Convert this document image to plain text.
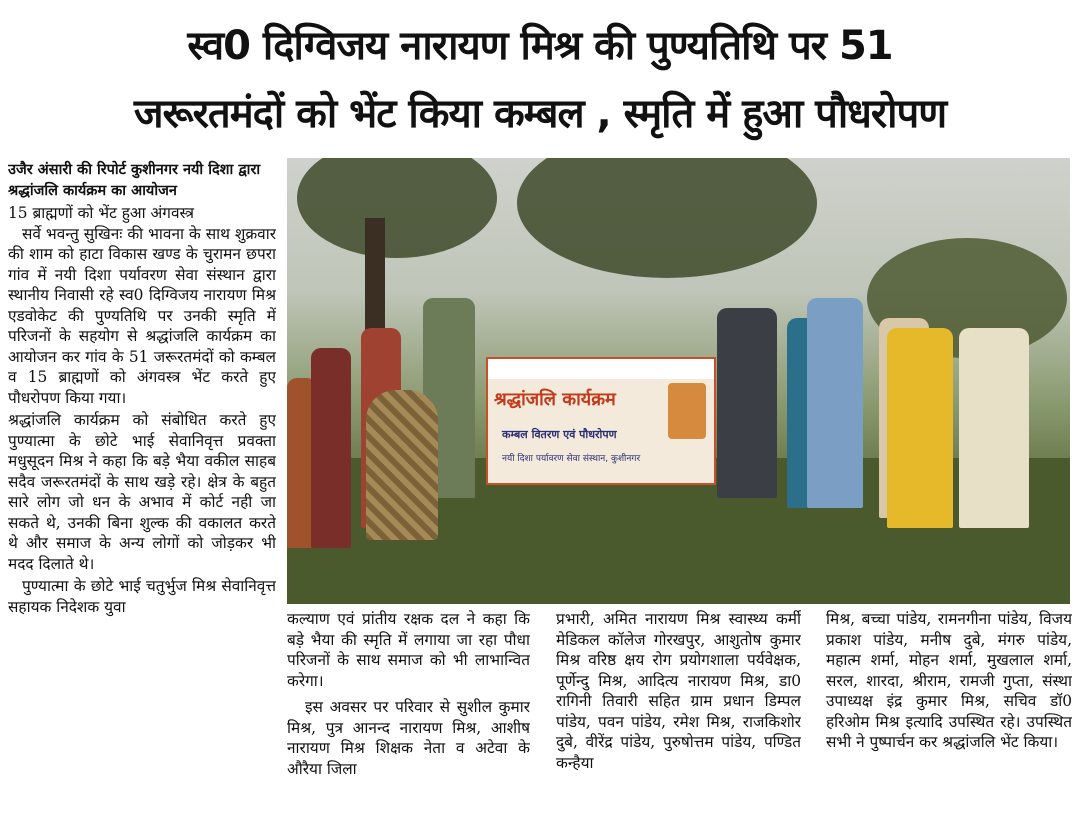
स्व0 दिग्विजय नारायण मिश्र की पुण्यतिथि पर 51
जरूरतमंदों को भेंट किया कम्बल , स्मृति में हुआ पौधरोपण

उजैर अंसारी की रिपोर्ट कुशीनगर नयी दिशा द्वारा श्रद्धांजलि कार्यक्रम का आयोजन

15 ब्राह्मणों को भेंट हुआ अंगवस्त्र

सर्वे भवन्तु सुखिनः की भावना के साथ शुक्रवार की शाम को हाटा विकास खण्ड के चुरामन छपरा गांव में नयी दिशा पर्यावरण सेवा संस्थान द्वारा स्थानीय निवासी रहे स्व0 दिग्विजय नारायण मिश्र एडवोकेट की पुण्यतिथि पर उनकी स्मृति में परिजनों के सहयोग से श्रद्धांजलि कार्यक्रम का आयोजन कर गांव के 51 जरूरतमंदों को कम्बल व 15 ब्राह्मणों को अंगवस्त्र भेंट करते हुए पौधरोपण किया गया।

श्रद्धांजलि कार्यक्रम को संबोधित करते हुए पुण्यात्मा के छोटे भाई सेवानिवृत्त प्रवक्ता मधुसूदन मिश्र ने कहा कि बड़े भैया वकील साहब सदैव जरूरतमंदों के साथ खड़े रहे। क्षेत्र के बहुत सारे लोग जो धन के अभाव में कोर्ट नही जा सकते थे, उनकी बिना शुल्क की वकालत करते थे और समाज के अन्य लोगों को जोड़कर भी मदद दिलाते थे।

पुण्यात्मा के छोटे भाई चतुर्भुज मिश्र सेवानिवृत्त सहायक निदेशक युवा

श्रद्धांजलि कार्यक्रम
कम्बल वितरण एवं पौधरोपण
नयी दिशा पर्यावरण सेवा संस्थान, कुशीनगर

कल्याण एवं प्रांतीय रक्षक दल ने कहा कि बड़े भैया की स्मृति में लगाया जा रहा पौधा परिजनों के साथ समाज को भी लाभान्वित करेगा।

इस अवसर पर परिवार से सुशील कुमार मिश्र, पुत्र आनन्द नारायण मिश्र, आशीष नारायण मिश्र शिक्षक नेता व अटेवा के औरैया जिला

प्रभारी, अमित नारायण मिश्र स्वास्थ्य कर्मी मेडिकल कॉलेज गोरखपुर, आशुतोष कुमार मिश्र वरिष्ठ क्षय रोग प्रयोगशाला पर्यवेक्षक, पूर्णेन्दु मिश्र, आदित्य नारायण मिश्र, डा0 रागिनी तिवारी सहित ग्राम प्रधान डिम्पल पांडेय, पवन पांडेय, रमेश मिश्र, राजकिशोर दुबे, वीरेंद्र पांडेय, पुरुषोत्तम पांडेय, पण्डित कन्हैया

मिश्र, बच्चा पांडेय, रामनगीना पांडेय, विजय प्रकाश पांडेय, मनीष दुबे, मंगरु पांडेय, महात्म शर्मा, मोहन शर्मा, मुखलाल शर्मा, सरल, शारदा, श्रीराम, रामजी गुप्ता, संस्था उपाध्यक्ष इंद्र कुमार मिश्र, सचिव डॉ0 हरिओम मिश्र इत्यादि उपस्थित रहे। उपस्थित सभी ने पुष्पार्चन कर श्रद्धांजलि भेंट किया।
